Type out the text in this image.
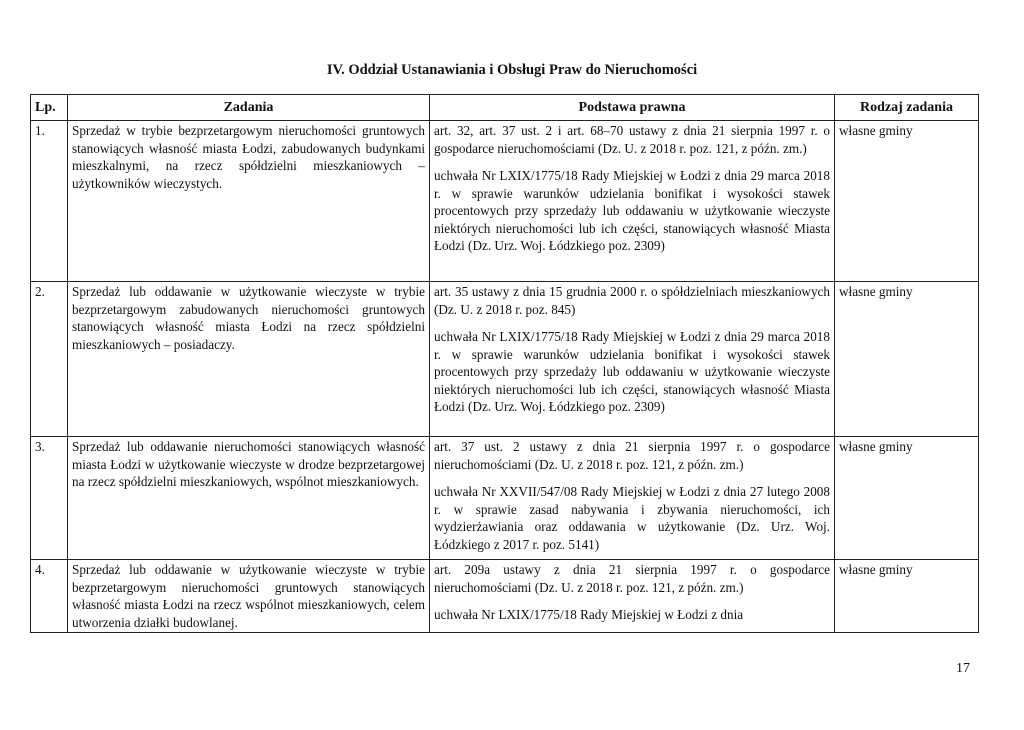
IV. Oddział Ustanawiania i Obsługi Praw do Nieruchomości
Lp.	Zadania	Podstawa prawna	Rodzaj zadania
1.	Sprzedaż w trybie bezprzetargowym nieruchomości gruntowych stanowiących własność miasta Łodzi, zabudowanych budynkami mieszkalnymi, na rzecz spółdzielni mieszkaniowych – użytkowników wieczystych.	art. 32, art. 37 ust. 2 i art. 68–70 ustawy z dnia 21 sierpnia 1997 r. o gospodarce nieruchomościami (Dz. U. z 2018 r. poz. 121, z późn. zm.)

uchwała Nr LXIX/1775/18 Rady Miejskiej w Łodzi z dnia 29 marca 2018 r. w sprawie warunków udzielania bonifikat i wysokości stawek procentowych przy sprzedaży lub oddawaniu w użytkowanie wieczyste niektórych nieruchomości lub ich części, stanowiących własność Miasta Łodzi (Dz. Urz. Woj. Łódzkiego poz. 2309)	własne gminy
2.	Sprzedaż lub oddawanie w użytkowanie wieczyste w trybie bezprzetargowym zabudowanych nieruchomości gruntowych stanowiących własność miasta Łodzi na rzecz spółdzielni mieszkaniowych – posiadaczy.	art. 35 ustawy z dnia 15 grudnia 2000 r. o spółdzielniach mieszkaniowych (Dz. U. z 2018 r. poz. 845)

uchwała Nr LXIX/1775/18 Rady Miejskiej w Łodzi z dnia 29 marca 2018 r. w sprawie warunków udzielania bonifikat i wysokości stawek procentowych przy sprzedaży lub oddawaniu w użytkowanie wieczyste niektórych nieruchomości lub ich części, stanowiących własność Miasta Łodzi (Dz. Urz. Woj. Łódzkiego poz. 2309)	własne gminy
3.	Sprzedaż lub oddawanie nieruchomości stanowiących własność miasta Łodzi w użytkowanie wieczyste w drodze bezprzetargowej na rzecz spółdzielni mieszkaniowych, wspólnot mieszkaniowych.	art. 37 ust. 2 ustawy z dnia 21 sierpnia 1997 r. o gospodarce nieruchomościami (Dz. U. z 2018 r. poz. 121, z późn. zm.)

uchwała Nr XXVII/547/08 Rady Miejskiej w Łodzi z dnia 27 lutego 2008 r. w sprawie zasad nabywania i zbywania nieruchomości, ich wydzierżawiania oraz oddawania w użytkowanie (Dz. Urz. Woj. Łódzkiego z 2017 r. poz. 5141)	własne gminy
4.	Sprzedaż lub oddawanie w użytkowanie wieczyste w trybie bezprzetargowym nieruchomości gruntowych stanowiących własność miasta Łodzi na rzecz wspólnot mieszkaniowych, celem utworzenia działki budowlanej.	art. 209a ustawy z dnia 21 sierpnia 1997 r. o gospodarce nieruchomościami (Dz. U. z 2018 r. poz. 121, z późn. zm.)

uchwała Nr LXIX/1775/18 Rady Miejskiej w Łodzi z dnia	własne gminy
17
